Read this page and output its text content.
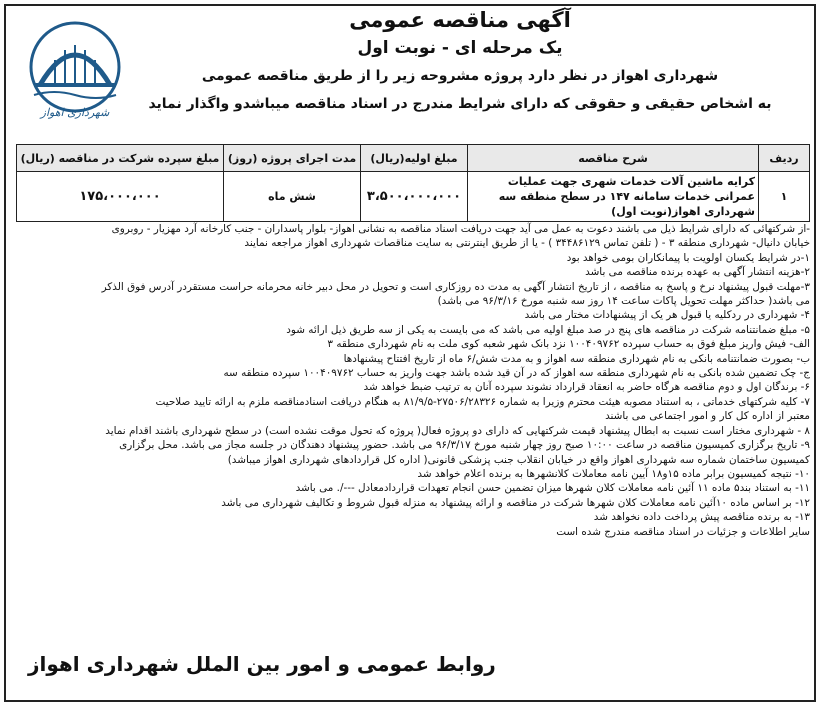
شهرداری اهواز
آگهی مناقصه عمومی
یک مرحله ای - نوبت اول
شهرداری اهواز در نظر دارد پروژه مشروحه زیر را از طریق مناقصه عمومی
به اشخاص حقیقی و حقوقی که دارای شرایط مندرج در اسناد مناقصه میباشدو واگذار نماید
ردیف	شرح مناقصه	مبلغ اولیه(ریال)	مدت اجرای پروژه (روز)	مبلغ سپرده شرکت در مناقصه (ریال)
۱	کرایه ماشین آلات خدمات شهری جهت عملیات عمرانی خدمات سامانه ۱۴۷ در سطح منطقه سه شهرداری اهواز(نوبت اول)	۳،۵۰۰،۰۰۰،۰۰۰	شش ماه	۱۷۵،۰۰۰،۰۰۰
-از شرکتهائی که دارای شرایط ذیل می باشند دعوت به عمل می آید جهت دریافت اسناد مناقصه به نشانی اهواز- بلوار پاسداران - جنب کارخانه آرد مهزیار - روبروی
خیابان دانیال- شهرداری منطقه ۳ - ( تلفن تماس ۳۴۴۸۶۱۲۹ ) - یا از طریق اینترنتی به سایت مناقصات شهرداری اهواز مراجعه نمایند
۱-در شرایط یکسان اولویت با پیمانکاران بومی خواهد بود
۲-هزینه انتشار آگهی به عهده برنده مناقصه می باشد
۳-مهلت قبول پیشنهاد نرخ و پاسخ به مناقصه ، از تاریخ انتشار آگهی به مدت ده روزکاری است و تحویل در محل دبیر خانه محرمانه حراست مستقردر آدرس فوق الذکر
می باشد( حداکثر مهلت تحویل پاکات ساعت ۱۴ روز سه شنبه مورخ ۹۶/۳/۱۶ می باشد)
۴- شهرداری در ردکلیه یا قبول هر یک از پیشنهادات مختار می باشد
۵- مبلغ ضمانتنامه شرکت در مناقصه های پنج در صد مبلغ اولیه می باشد که می بایست به یکی از سه طریق ذیل ارائه شود
الف- فیش واریز مبلغ فوق به حساب سپرده ۱۰۰۴۰۹۷۶۲ نزد بانک شهر شعبه کوی ملت به نام شهرداری منطقه ۳
ب- بصورت ضمانتنامه بانکی به نام شهرداری منطقه سه اهواز و به مدت شش/۶ ماه از تاریخ افتتاح پیشنهادها
ج- چک تضمین شده بانکی به نام شهرداری منطقه سه اهواز که در آن قید شده باشد جهت واریز به حساب ۱۰۰۴۰۹۷۶۲ سپرده منطقه سه
۶- برندگان اول و دوم مناقصه هرگاه حاضر به انعقاد قرارداد نشوند سپرده آنان به ترتیب ضبط خواهد شد
۷- کلیه شرکتهای خدماتی ، به استناد مصوبه هیئت محترم وزیرا به شماره ۲۷۵۰۶/۲۸۳۲۶-۸۱/۹/۵ به هنگام دریافت اسنادمناقصه ملزم به ارائه تایید صلاحیت
معتبر از اداره کل کار و امور اجتماعی می باشند
۸ - شهرداری مختار است نسبت به ابطال پیشنهاد قیمت شرکتهایی که دارای دو پروژه فعال( پروژه که تحول موقت نشده است) در سطح شهرداری باشند اقدام نماید
۹- تاریخ برگزاری کمیسیون مناقصه در ساعت ۱۰:۰۰ صبح روز چهار شنبه مورخ ۹۶/۳/۱۷ می باشد. حضور پیشنهاد دهندگان در جلسه مجاز می باشد. محل برگزاری
کمیسیون ساختمان شماره سه شهرداری اهواز واقع در خیابان انقلاب جنب پزشکی قانونی( اداره کل قراردادهای شهرداری اهواز میباشد)
۱۰- نتیجه کمیسیون برابر ماده ۱۵و۱۸ آیین نامه معاملات کلانشهرها به برنده اعلام خواهد شد
۱۱- به استناد بند۵ ماده ۱۱ آئین نامه معاملات کلان شهرها میزان تضمین حسن انجام تعهدات قراردادمعادل ---/. می باشد
۱۲- بر اساس ماده ۱۰آئین نامه معاملات کلان شهرها شرکت در مناقصه و ارائه پیشنهاد به منزله قبول شروط و تکالیف شهرداری می باشد
۱۳- به برنده مناقصه پیش پرداخت داده نخواهد شد
سایر اطلاعات و جزئیات در اسناد مناقصه مندرج شده است
روابط عمومی و امور بین الملل شهرداری اهواز
